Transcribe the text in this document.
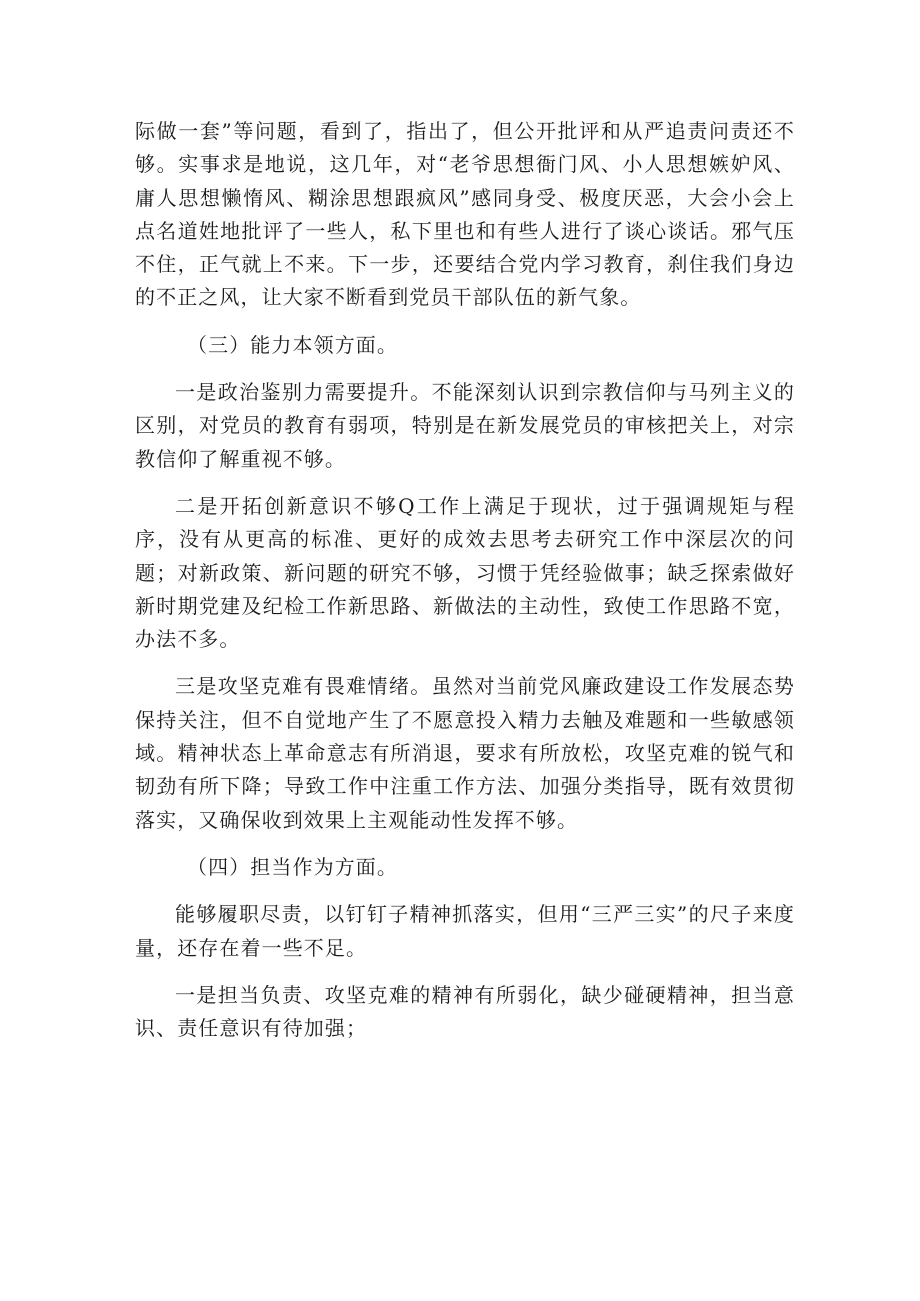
际做一套”等问题，看到了，指出了，但公开批评和从严追责问责还不够。实事求是地说，这几年，对“老爷思想衙门风、小人思想嫉妒风、庸人思想懒惰风、糊涂思想跟疯风”感同身受、极度厌恶，大会小会上点名道姓地批评了一些人，私下里也和有些人进行了谈心谈话。邪气压不住，正气就上不来。下一步，还要结合党内学习教育，刹住我们身边的不正之风，让大家不断看到党员干部队伍的新气象。

（三）能力本领方面。

一是政治鉴别力需要提升。不能深刻认识到宗教信仰与马列主义的区别，对党员的教育有弱项，特别是在新发展党员的审核把关上，对宗教信仰了解重视不够。

二是开拓创新意识不够Q工作上满足于现状，过于强调规矩与程序，没有从更高的标准、更好的成效去思考去研究工作中深层次的问题；对新政策、新问题的研究不够，习惯于凭经验做事；缺乏探索做好新时期党建及纪检工作新思路、新做法的主动性，致使工作思路不宽，办法不多。

三是攻坚克难有畏难情绪。虽然对当前党风廉政建设工作发展态势保持关注，但不自觉地产生了不愿意投入精力去触及难题和一些敏感领域。精神状态上革命意志有所消退，要求有所放松，攻坚克难的锐气和韧劲有所下降；导致工作中注重工作方法、加强分类指导，既有效贯彻落实，又确保收到效果上主观能动性发挥不够。

（四）担当作为方面。

能够履职尽责，以钉钉子精神抓落实，但用“三严三实”的尺子来度量，还存在着一些不足。

一是担当负责、攻坚克难的精神有所弱化，缺少碰硬精神，担当意识、责任意识有待加强；
